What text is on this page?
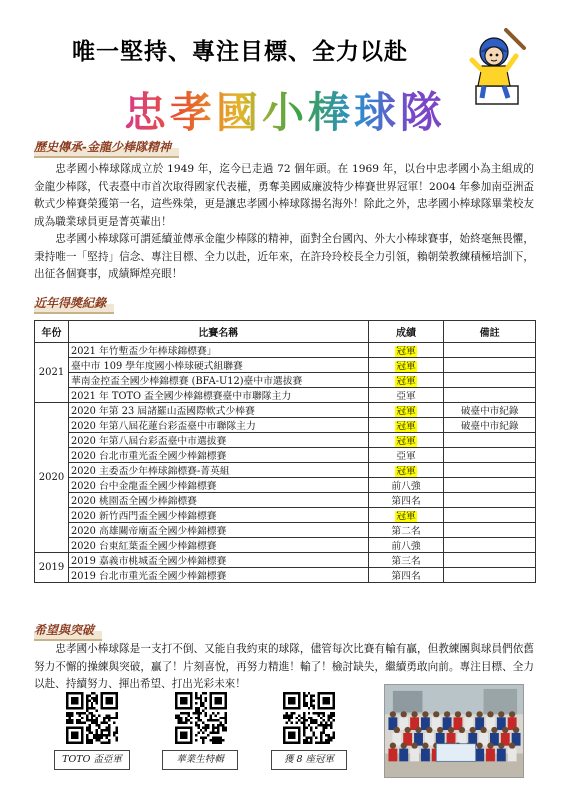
唯一堅持、專注目標、全力以赴
忠孝國小棒球隊
歷史傳承-金龍少棒隊精神

忠孝國小棒球隊成立於 1949 年，迄今已走過 72 個年頭。在 1969 年，以台中忠孝國小為主組成的金龍少棒隊，代表臺中市首次取得國家代表權，勇奪美國威廉波特少棒賽世界冠軍！2004 年參加南亞洲盃軟式少棒賽榮獲第一名，這些殊榮，更是讓忠孝國小棒球隊揚名海外！除此之外，忠孝國小棒球隊畢業校友成為職業球員更是菁英輩出！

忠孝國小棒球隊可謂延續並傳承金龍少棒隊的精神，面對全台國內、外大小棒球賽事，始終毫無畏懼，秉持唯一「堅持」信念、專注目標、全力以赴，近年來，在許玲玲校長全力引領，賴朝榮教練積極培訓下，出征各個賽事，成績輝煌亮眼！

近年得獎紀錄
年份	比賽名稱	成績	備註
2021	2021 年竹塹盃少年棒球錦標賽」	冠軍	
	臺中市 109 學年度國小棒球硬式組聯賽	冠軍	
	華南金控盃全國少棒錦標賽 (BFA-U12)臺中市選拔賽	冠軍	
	2021 年 TOTO 盃全國少棒錦標賽臺中市聯隊主力	亞軍	
2020	2020 年第 23 屆諸羅山盃國際軟式少棒賽	冠軍	破臺中市紀錄
	2020 年第八屆花蓮台彩盃臺中市聯隊主力	冠軍	破臺中市紀錄
	2020 年第八屆台彩盃臺中市選拔賽	冠軍	
	2020 台北市重光盃全國少棒錦標賽	亞軍	
	2020 主委盃少年棒球錦標賽-菁英組	冠軍	
	2020 台中金龍盃全國少棒錦標賽	前八強	
	2020 桃園盃全國少棒錦標賽	第四名	
	2020 新竹西門盃全國少棒錦標賽	冠軍	
	2020 高雄關帝廟盃全國少棒錦標賽	第二名	
	2020 台東紅葉盃全國少棒錦標賽	前八強	
2019	2019 嘉義市桃城盃全國少棒錦標賽	第三名	
	2019 台北市重光盃全國少棒錦標賽	第四名	
希望與突破

忠孝國小棒球隊是一支打不倒、又能自我約束的球隊，儘管每次比賽有輸有贏，但教練團與球員們依舊努力不懈的操練與突破，贏了！片刻喜悅，再努力精進！輸了！檢討缺失，繼續勇敢向前。專注目標、全力以赴、持續努力、揮出希望、打出光彩未來！

TOTO 盃亞軍	華業生特輯	獲 8 座冠軍
